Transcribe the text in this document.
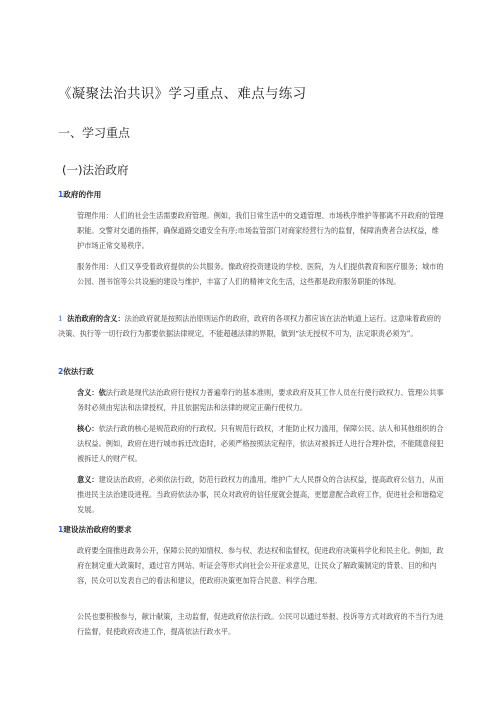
《凝聚法治共识》学习重点、难点与练习
一、学习重点
(一)法治政府
1政府的作用
管理作用：人们的社会生活需要政府管理。例如，我们日常生活中的交通管理、市场秩序维护等都离不开政府的管理职能。交警对交通的指挥，确保道路交通安全有序;市场监管部门对商家经营行为的监督，保障消费者合法权益，维护市场正常交易秩序。
服务作用：人们又享受着政府提供的公共服务。像政府投资建设的学校、医院，为人们提供教育和医疗服务；城市的公园、图书馆等公共设施的建设与维护，丰富了人们的精神文化生活，这些都是政府服务职能的体现。
1 法治政府的含义：法治政府就是按照法治原则运作的政府，政府的各项权力都应该在法治轨道上运行。这意味着政府的决策、执行等一切行政行为都要依据法律规定，不能超越法律的界限，做到“法无授权不可为，法定职责必须为”。
2依法行政
含义：依法行政是现代法治政府行使权力普遍奉行的基本准则，要求政府及其工作人员在行使行政权力、管理公共事务时必须由宪法和法律授权，并且依据宪法和法律的规定正确行使权力。
核心：依法行政的核心是规范政府的行政权。只有规范行政权，才能防止权力滥用，保障公民、法人和其他组织的合法权益。例如，政府在进行城市拆迁改造时，必须严格按照法定程序，依法对被拆迁人进行合理补偿，不能随意侵犯被拆迁人的财产权。
意义：建设法治政府，必须依法行政，防范行政权力的滥用，维护广大人民群众的合法权益，提高政府公信力，从而推进民主法治建设进程。当政府依法办事，民众对政府的信任度就会提高，更愿意配合政府工作，促进社会和谐稳定发展。
1建设法治政府的要求
政府要全面推进政务公开，保障公民的知情权、参与权、表达权和监督权，促进政府决策科学化和民主化。例如，政府在制定重大政策时，通过官方网站、听证会等形式向社会公开征求意见，让民众了解政策制定的背景、目的和内容，民众可以发表自己的看法和建议，使政府决策更加符合民意、科学合理。
公民也要积极参与，献计献策，主动监督，促进政府依法行政。公民可以通过举报、投诉等方式对政府的不当行为进行监督，促使政府改进工作，提高依法行政水平。
